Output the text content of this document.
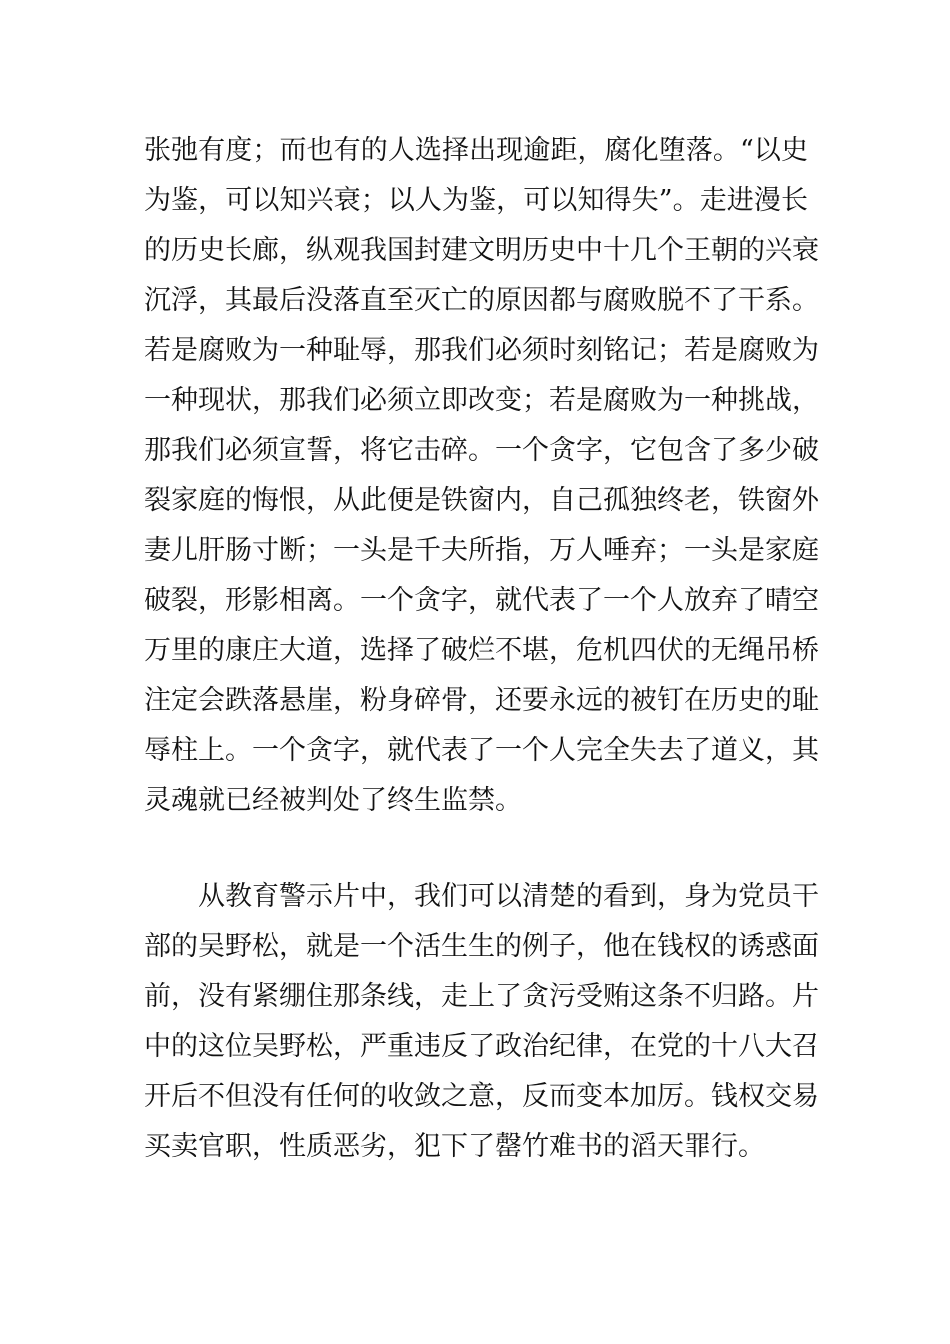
张弛有度；而也有的人选择出现逾距，腐化堕落。“以史
为鉴，可以知兴衰；以人为鉴，可以知得失”。走进漫长
的历史长廊，纵观我国封建文明历史中十几个王朝的兴衰
沉浮，其最后没落直至灭亡的原因都与腐败脱不了干系。
若是腐败为一种耻辱，那我们必须时刻铭记；若是腐败为
一种现状，那我们必须立即改变；若是腐败为一种挑战，
那我们必须宣誓，将它击碎。一个贪字，它包含了多少破
裂家庭的悔恨，从此便是铁窗内，自己孤独终老，铁窗外
妻儿肝肠寸断；一头是千夫所指，万人唾弃；一头是家庭
破裂，形影相离。一个贪字，就代表了一个人放弃了晴空
万里的康庄大道，选择了破烂不堪，危机四伏的无绳吊桥
注定会跌落悬崖，粉身碎骨，还要永远的被钉在历史的耻
辱柱上。一个贪字，就代表了一个人完全失去了道义，其
灵魂就已经被判处了终生监禁。
从教育警示片中，我们可以清楚的看到，身为党员干
部的吴野松，就是一个活生生的例子，他在钱权的诱惑面
前，没有紧绷住那条线，走上了贪污受贿这条不归路。片
中的这位吴野松，严重违反了政治纪律，在党的十八大召
开后不但没有任何的收敛之意，反而变本加厉。钱权交易
买卖官职，性质恶劣，犯下了罄竹难书的滔天罪行。
